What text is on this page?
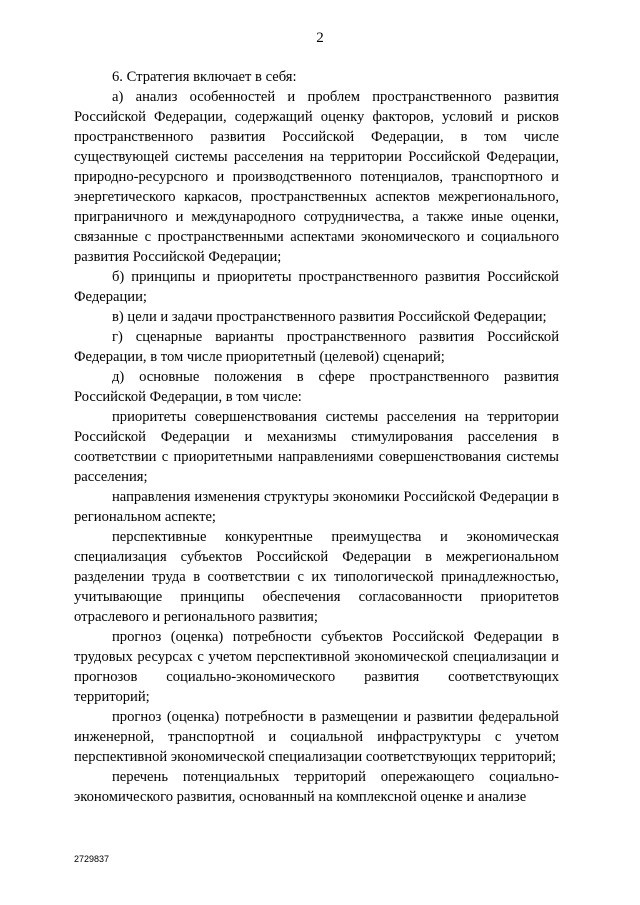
2

6. Стратегия включает в себя:

а) анализ особенностей и проблем пространственного развития Российской Федерации, содержащий оценку факторов, условий и рисков пространственного развития Российской Федерации, в том числе существующей системы расселения на территории Российской Федерации, природно-ресурсного и производственного потенциалов, транспортного и энергетического каркасов, пространственных аспектов межрегионального, приграничного и международного сотрудничества, а также иные оценки, связанные с пространственными аспектами экономического и социального развития Российской Федерации;

б) принципы и приоритеты пространственного развития Российской Федерации;

в) цели и задачи пространственного развития Российской Федерации;

г) сценарные варианты пространственного развития Российской Федерации, в том числе приоритетный (целевой) сценарий;

д) основные положения в сфере пространственного развития Российской Федерации, в том числе:

приоритеты совершенствования системы расселения на территории Российской Федерации и механизмы стимулирования расселения в соответствии с приоритетными направлениями совершенствования системы расселения;

направления изменения структуры экономики Российской Федерации в региональном аспекте;

перспективные конкурентные преимущества и экономическая специализация субъектов Российской Федерации в межрегиональном разделении труда в соответствии с их типологической принадлежностью, учитывающие принципы обеспечения согласованности приоритетов отраслевого и регионального развития;

прогноз (оценка) потребности субъектов Российской Федерации в трудовых ресурсах с учетом перспективной экономической специализации и прогнозов социально-экономического развития соответствующих территорий;

прогноз (оценка) потребности в размещении и развитии федеральной инженерной, транспортной и социальной инфраструктуры с учетом перспективной экономической специализации соответствующих территорий;

перечень потенциальных территорий опережающего социально-экономического развития, основанный на комплексной оценке и анализе

2729837
